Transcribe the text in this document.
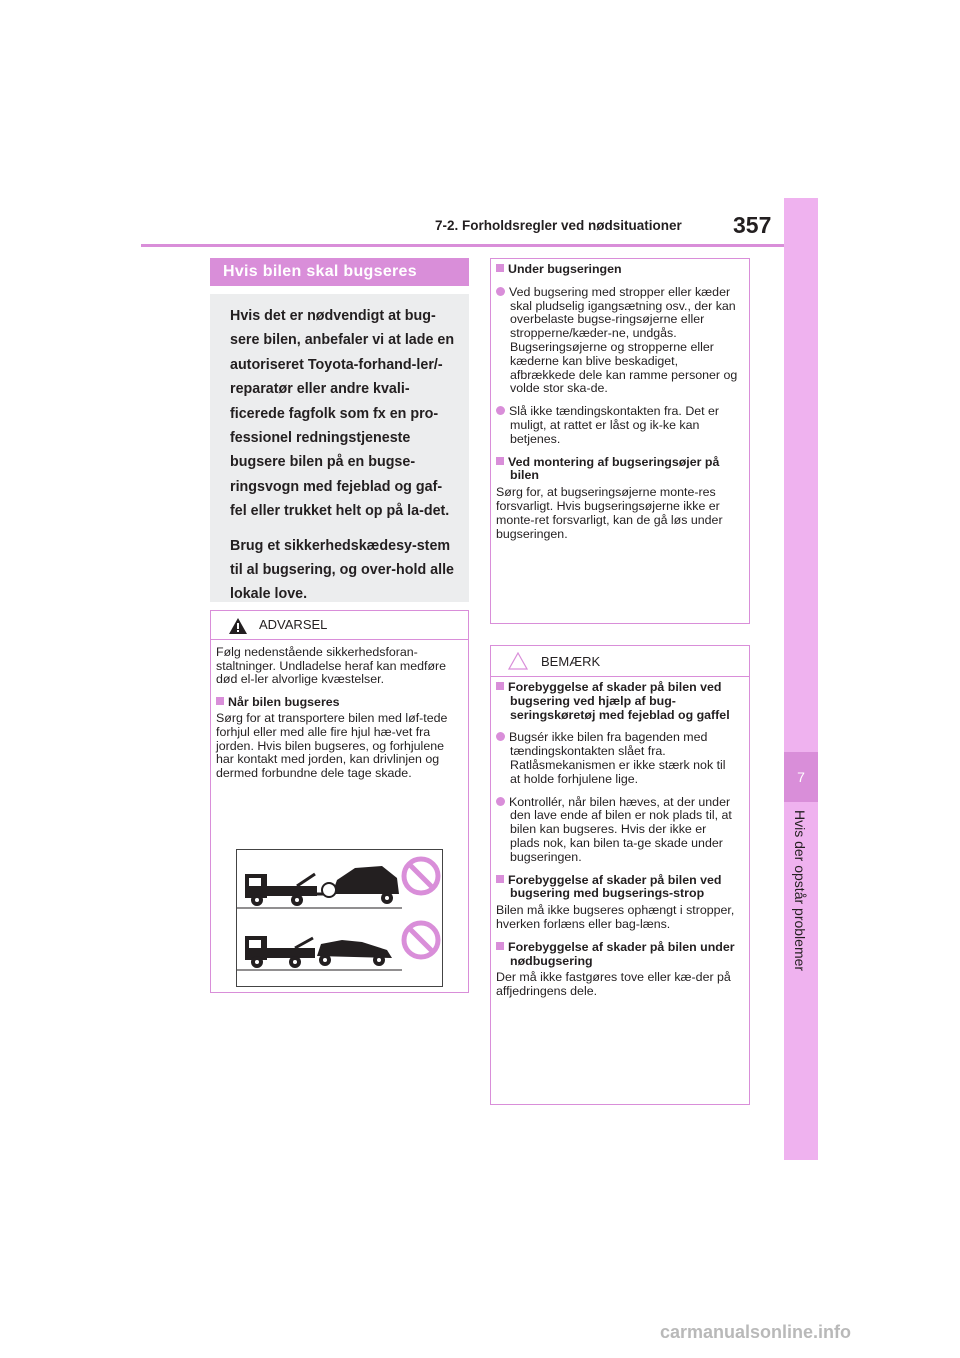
7-2. Forholdsregler ved nødsituationer 357
7
Hvis der opstår problemer
Hvis bilen skal bugseres

Hvis det er nødvendigt at bug-sere bilen, anbefaler vi at lade en autoriseret Toyota-forhand-ler/-reparatør eller andre kvali-ficerede fagfolk som fx en pro-fessionel redningstjeneste bugsere bilen på en bugse-ringsvogn med fejeblad og gaf-fel eller trukket helt op på la-det.

Brug et sikkerhedskædesy-stem til al bugsering, og over-hold alle lokale love.

ADVARSEL

Følg nedenstående sikkerhedsforan-staltninger. Undladelse heraf kan medføre død el-ler alvorlige kvæstelser.

Når bilen bugseres

Sørg for at transportere bilen med løf-tede forhjul eller med alle fire hjul hæ-vet fra jorden. Hvis bilen bugseres, og forhjulene har kontakt med jorden, kan drivlinjen og dermed forbundne dele tage skade.

Under bugseringen

Ved bugsering med stropper eller kæder skal pludselig igangsætning osv., der kan overbelaste bugse-ringsøjerne eller stropperne/kæder-ne, undgås. Bugseringsøjerne og stropperne eller kæderne kan blive beskadiget, afbrækkede dele kan ramme personer og volde stor ska-de.

Slå ikke tændingskontakten fra. Det er muligt, at rattet er låst og ik-ke kan betjenes.

Ved montering af bugseringsøjer på bilen

Sørg for, at bugseringsøjerne monte-res forsvarligt. Hvis bugseringsøjerne ikke er monte-ret forsvarligt, kan de gå løs under bugseringen.

BEMÆRK

Forebyggelse af skader på bilen ved bugsering ved hjælp af bug-seringskøretøj med fejeblad og gaffel

Bugsér ikke bilen fra bagenden med tændingskontakten slået fra. Ratlåsmekanismen er ikke stærk nok til at holde forhjulene lige.

Kontrollér, når bilen hæves, at der under den lave ende af bilen er nok plads til, at bilen kan bugseres. Hvis der ikke er plads nok, kan bilen ta-ge skade under bugseringen.

Forebyggelse af skader på bilen ved bugsering med bugserings-strop

Bilen må ikke bugseres ophængt i stropper, hverken forlæns eller bag-læns.

Forebyggelse af skader på bilen under nødbugsering

Der må ikke fastgøres tove eller kæ-der på affjedringens dele.

carmanualsonline.info
